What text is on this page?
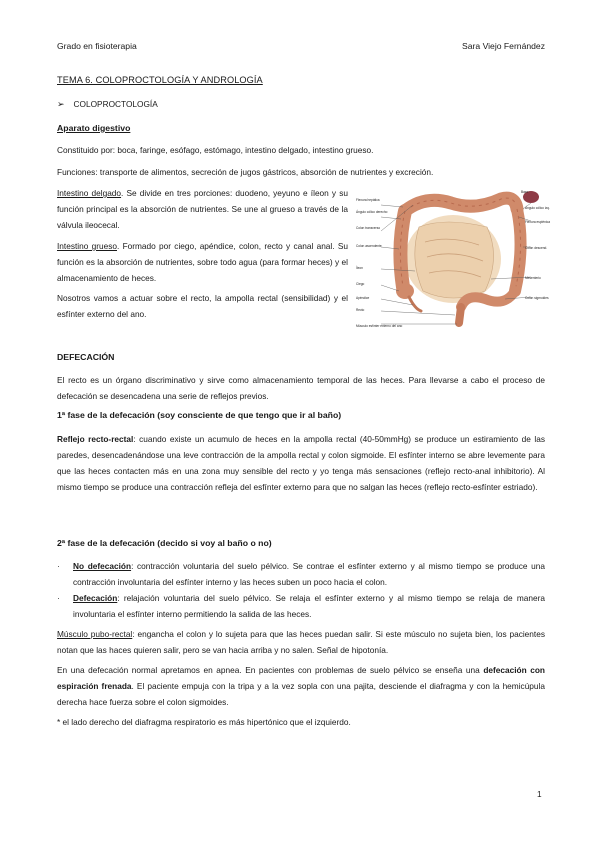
Grado en fisioterapia	Sara Viejo Fernández
TEMA 6. COLOPROCTOLOGÍA Y ANDROLOGÍA
➢ COLOPROCTOLOGÍA
Aparato digestivo
Constituido por: boca, faringe, esófago, estómago, intestino delgado, intestino grueso.
Funciones: transporte de alimentos, secreción de jugos gástricos, absorción de nutrientes y excreción.
Intestino delgado. Se divide en tres porciones: duodeno, yeyuno e íleon y su función principal es la absorción de nutrientes. Se une al grueso a través de la válvula ileocecal.
Intestino grueso. Formado por ciego, apéndice, colon, recto y canal anal. Su función es la absorción de nutrientes, sobre todo agua (para formar heces) y el almacenamiento de heces.
Nosotros vamos a actuar sobre el recto, la ampolla rectal (sensibilidad) y el esfínter externo del ano.
Flexura hepática
Ángulo cólico derecho
Colon transverso
Colon ascendente
Íleon
Ciego
Apéndice
Recto
Músculo esfínter externo del ano
Bazo
Ángulo cólico izq.
Flexura esplénica
Colon descend.
Mesenterio
Colon sigmoides
DEFECACIÓN
El recto es un órgano discriminativo y sirve como almacenamiento temporal de las heces. Para llevarse a cabo el proceso de defecación se desencadena una serie de reflejos previos.
1ª fase de la defecación (soy consciente de que tengo que ir al baño)
Reflejo recto-rectal: cuando existe un acumulo de heces en la ampolla rectal (40-50mmHg) se produce un estiramiento de las paredes, desencadenándose una leve contracción de la ampolla rectal y colon sigmoide. El esfínter interno se abre levemente para que las heces contacten más en una zona muy sensible del recto y yo tenga más sensaciones (reflejo recto-anal inhibitorio). Al mismo tiempo se produce una contracción refleja del esfínter externo para que no salgan las heces (reflejo recto-esfínter estriado).
2ª fase de la defecación (decido si voy al baño o no)
· No defecación: contracción voluntaria del suelo pélvico. Se contrae el esfínter externo y al mismo tiempo se produce una contracción involuntaria del esfínter interno y las heces suben un poco hacia el colon.
· Defecación: relajación voluntaria del suelo pélvico. Se relaja el esfínter externo y al mismo tiempo se relaja de manera involuntaria el esfínter interno permitiendo la salida de las heces.
Músculo pubo-rectal: engancha el colon y lo sujeta para que las heces puedan salir. Si este músculo no sujeta bien, los pacientes notan que las haces quieren salir, pero se van hacia arriba y no salen. Señal de hipotonía.
En una defecación normal apretamos en apnea. En pacientes con problemas de suelo pélvico se enseña una defecación con espiración frenada. El paciente empuja con la tripa y a la vez sopla con una pajita, desciende el diafragma y con la hemicúpula derecha hace fuerza sobre el colon sigmoides.
* el lado derecho del diafragma respiratorio es más hipertónico que el izquierdo.
1
